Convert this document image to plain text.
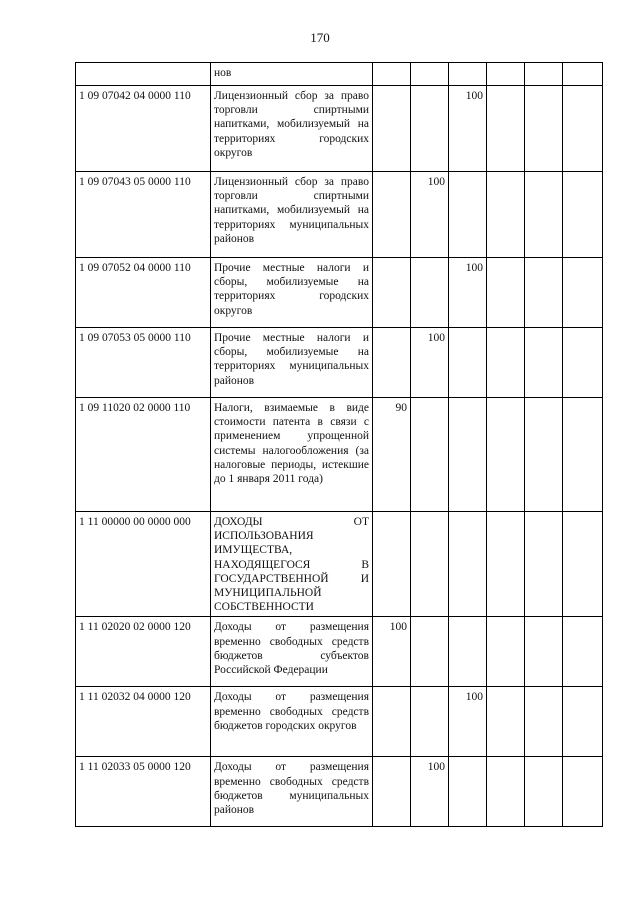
170
	нов						
1 09 07042 04 0000 110	Лицензионный сбор за право торговли спиртными напитками, мобилизуемый на территориях городских округов			100			
1 09 07043 05 0000 110	Лицензионный сбор за право торговли спиртными напитками, мобилизуемый на территориях муниципальных районов		100				
1 09 07052 04 0000 110	Прочие местные налоги и сборы, мобилизуемые на территориях городских округов			100			
1 09 07053 05 0000 110	Прочие местные налоги и сборы, мобилизуемые на территориях муниципальных районов		100				
1 09 11020 02 0000 110	Налоги, взимаемые в виде стоимости патента в связи с применением упрощенной системы налогообложения (за налоговые периоды, истекшие до 1 января 2011 года)	90					
1 11 00000 00 0000 000	ДОХОДЫ ОТ ИСПОЛЬЗОВАНИЯ ИМУЩЕСТВА, НАХОДЯЩЕГОСЯ В ГОСУДАРСТВЕННОЙ И МУНИЦИПАЛЬНОЙ СОБСТВЕННОСТИ						
1 11 02020 02 0000 120	Доходы от размещения временно свободных средств бюджетов субъектов Российской Федерации	100					
1 11 02032 04 0000 120	Доходы от размещения временно свободных средств бюджетов городских округов			100			
1 11 02033 05 0000 120	Доходы от размещения временно свободных средств бюджетов муниципальных районов		100				
